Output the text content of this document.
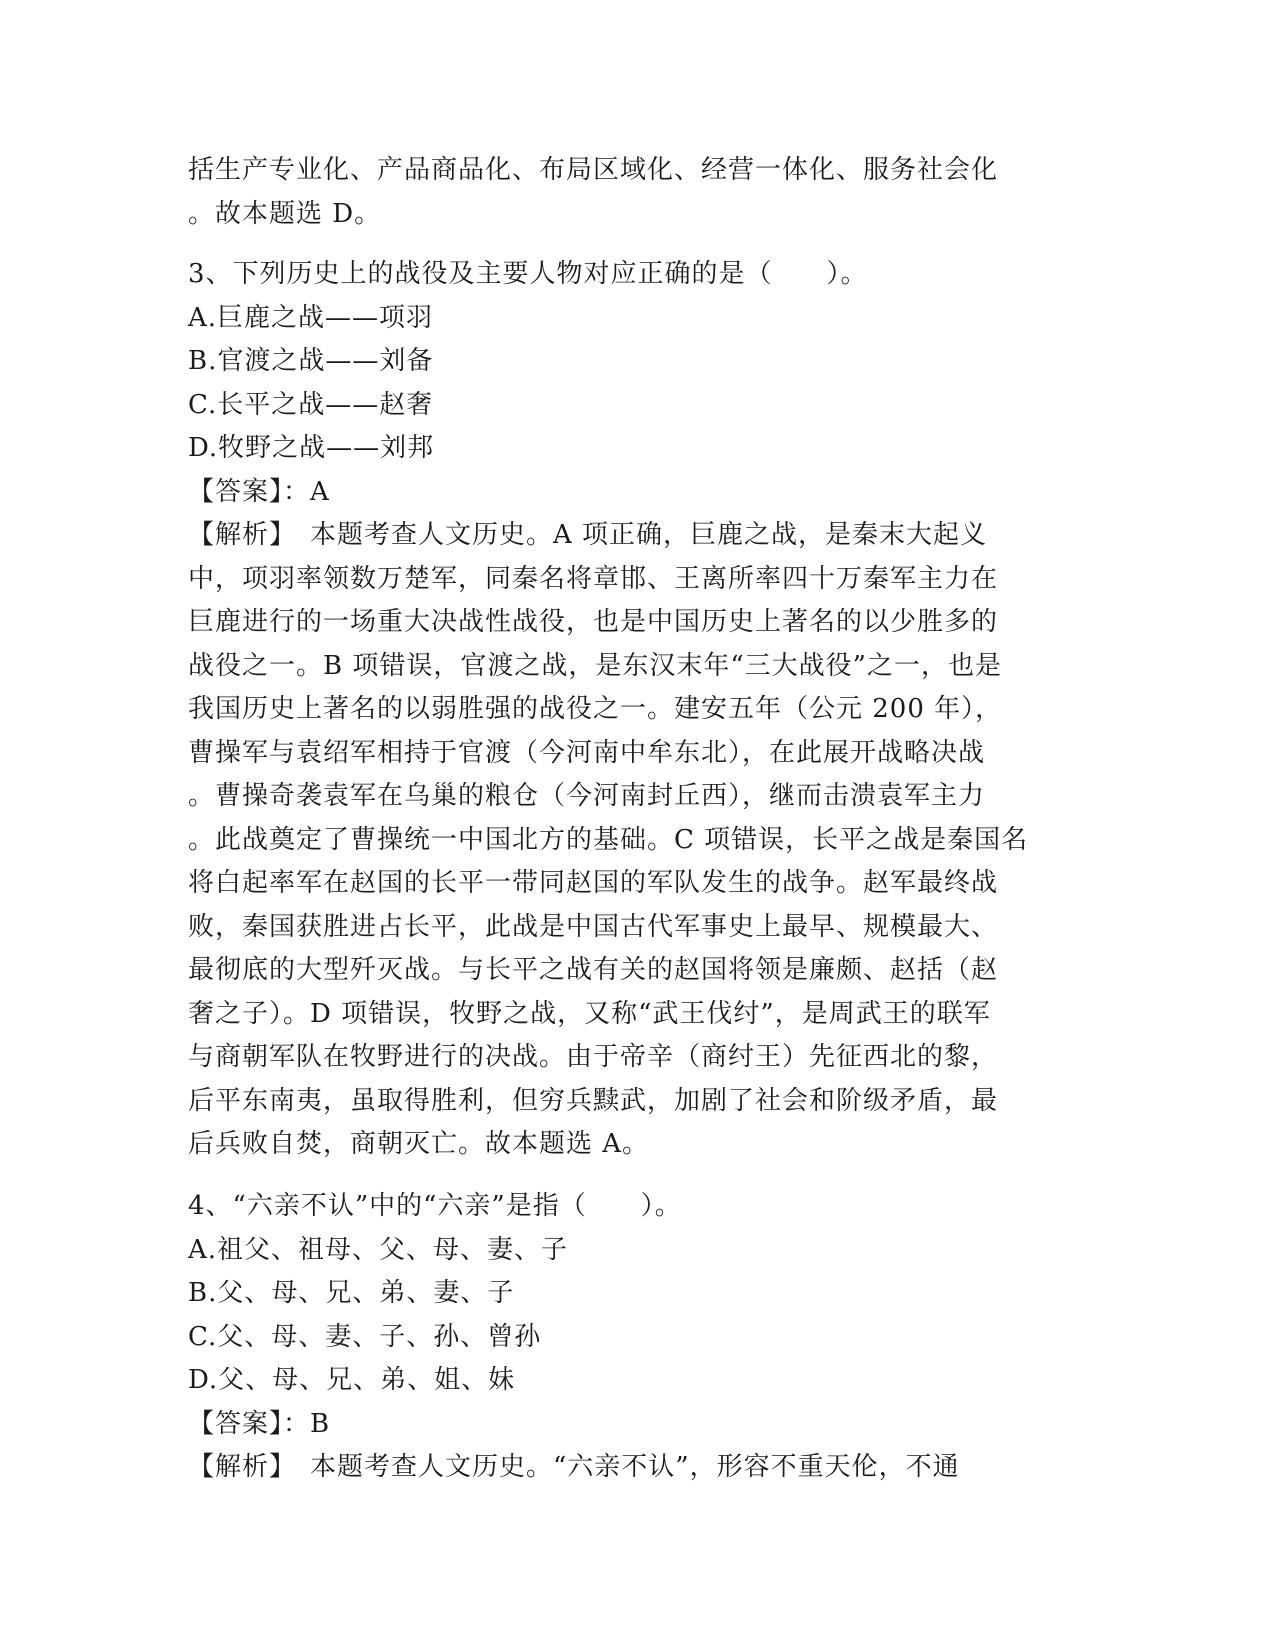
括生产专业化、产品商品化、布局区域化、经营一体化、服务社会化
。故本题选 D。
3、下列历史上的战役及主要人物对应正确的是（　　）。
A.巨鹿之战——项羽
B.官渡之战——刘备
C.长平之战——赵奢
D.牧野之战——刘邦
【答案】：A
【解析】　本题考查人文历史。A 项正确，巨鹿之战，是秦末大起义
中，项羽率领数万楚军，同秦名将章邯、王离所率四十万秦军主力在
巨鹿进行的一场重大决战性战役，也是中国历史上著名的以少胜多的
战役之一。B 项错误，官渡之战，是东汉末年“三大战役”之一，也是
我国历史上著名的以弱胜强的战役之一。建安五年（公元 200 年），
曹操军与袁绍军相持于官渡（今河南中牟东北），在此展开战略决战
。曹操奇袭袁军在乌巢的粮仓（今河南封丘西），继而击溃袁军主力
。此战奠定了曹操统一中国北方的基础。C 项错误，长平之战是秦国名
将白起率军在赵国的长平一带同赵国的军队发生的战争。赵军最终战
败，秦国获胜进占长平，此战是中国古代军事史上最早、规模最大、
最彻底的大型歼灭战。与长平之战有关的赵国将领是廉颇、赵括（赵
奢之子）。D 项错误，牧野之战，又称“武王伐纣”，是周武王的联军
与商朝军队在牧野进行的决战。由于帝辛（商纣王）先征西北的黎，
后平东南夷，虽取得胜利，但穷兵黩武，加剧了社会和阶级矛盾，最
后兵败自焚，商朝灭亡。故本题选 A。
4、“六亲不认”中的“六亲”是指（　　）。
A.祖父、祖母、父、母、妻、子
B.父、母、兄、弟、妻、子
C.父、母、妻、子、孙、曾孙
D.父、母、兄、弟、姐、妹
【答案】：B
【解析】　本题考查人文历史。“六亲不认”，形容不重天伦，不通
